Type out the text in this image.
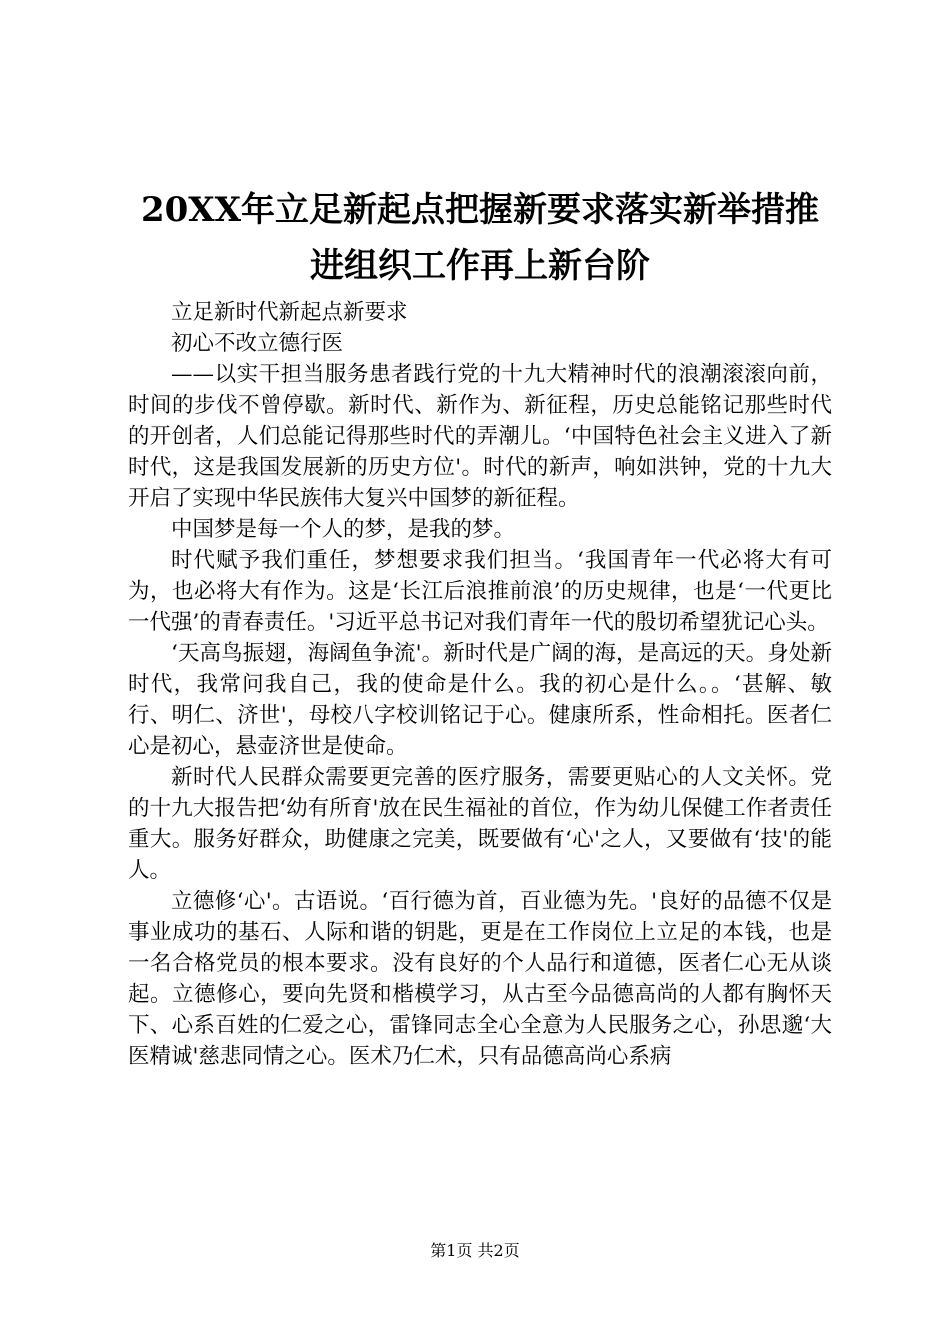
20XX年立足新起点把握新要求落实新举措推
进组织工作再上新台阶

立足新时代新起点新要求

初心不改立德行医

——以实干担当服务患者践行党的十九大精神时代的浪潮滚滚向前，时间的步伐不曾停歇。新时代、新作为、新征程，历史总能铭记那些时代的开创者，人们总能记得那些时代的弄潮儿。‘中国特色社会主义进入了新时代，这是我国发展新的历史方位'。时代的新声，响如洪钟，党的十九大开启了实现中华民族伟大复兴中国梦的新征程。

中国梦是每一个人的梦，是我的梦。

时代赋予我们重任，梦想要求我们担当。‘我国青年一代必将大有可为，也必将大有作为。这是‘长江后浪推前浪’的历史规律，也是‘一代更比一代强’的青春责任。'习近平总书记对我们青年一代的殷切希望犹记心头。

‘天高鸟振翅，海阔鱼争流'。新时代是广阔的海，是高远的天。身处新时代，我常问我自己，我的使命是什么。我的初心是什么。。‘甚解、敏行、明仁、济世'，母校八字校训铭记于心。健康所系，性命相托。医者仁心是初心，悬壶济世是使命。

新时代人民群众需要更完善的医疗服务，需要更贴心的人文关怀。党的十九大报告把‘幼有所育'放在民生福祉的首位，作为幼儿保健工作者责任重大。服务好群众，助健康之完美，既要做有‘心'之人，又要做有‘技'的能人。

立德修‘心'。古语说。‘百行德为首，百业德为先。'良好的品德不仅是事业成功的基石、人际和谐的钥匙，更是在工作岗位上立足的本钱，也是一名合格党员的根本要求。没有良好的个人品行和道德，医者仁心无从谈起。立德修心，要向先贤和楷模学习，从古至今品德高尚的人都有胸怀天下、心系百姓的仁爱之心，雷锋同志全心全意为人民服务之心，孙思邈‘大医精诚'慈悲同情之心。医术乃仁术，只有品德高尚心系病

第1页 共2页
